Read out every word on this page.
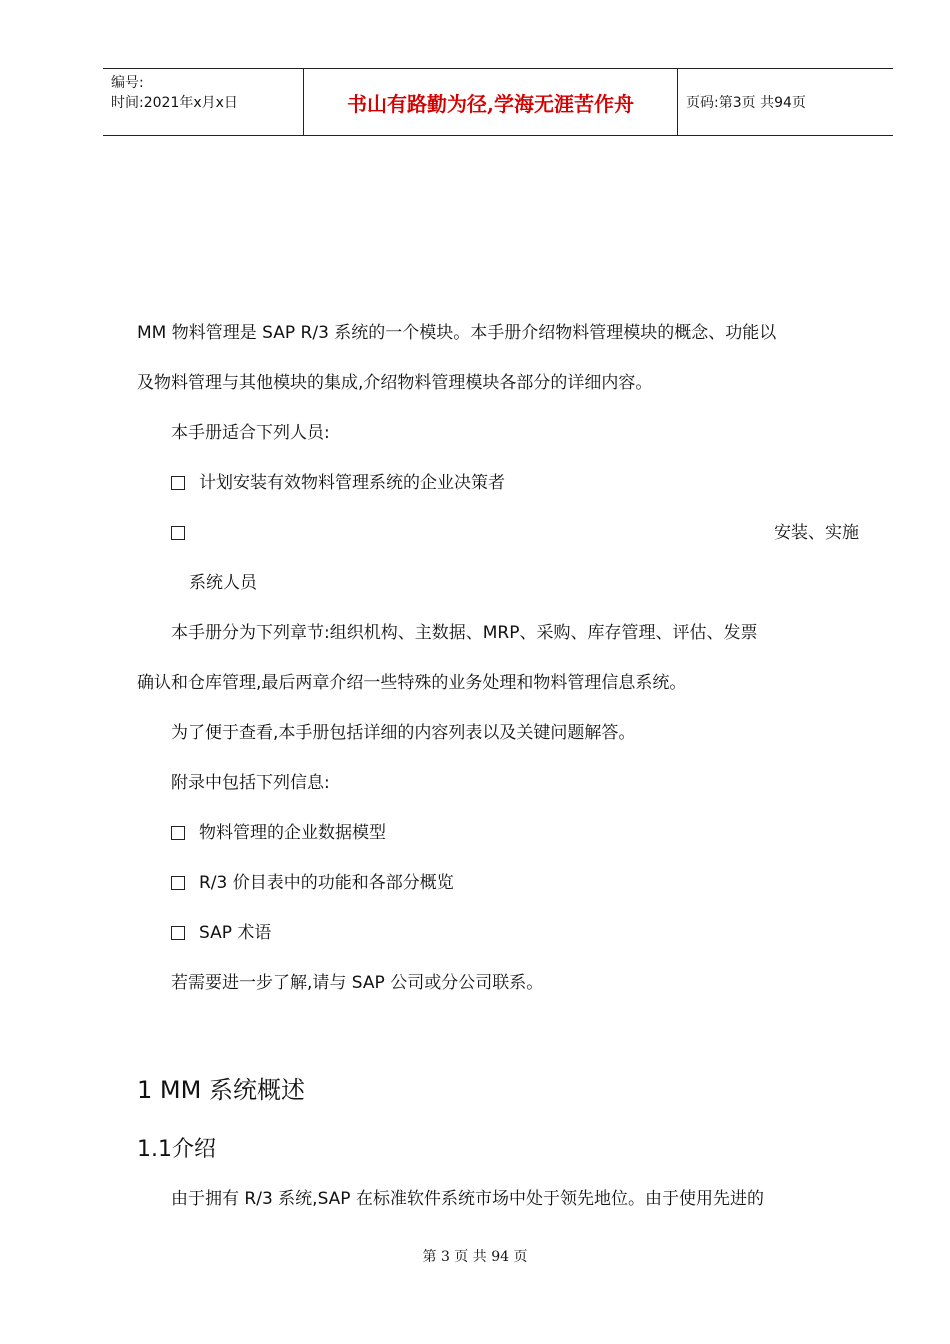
编号:
时间:2021年x月x日	书山有路勤为径,学海无涯苦作舟	页码:第3页 共94页
MM 物料管理是 SAP R/3 系统的一个模块。本手册介绍物料管理模块的概念、功能以
及物料管理与其他模块的集成,介绍物料管理模块各部分的详细内容。
本手册适合下列人员:
计划安装有效物料管理系统的企业决策者
安装、实施
系统人员
本手册分为下列章节:组织机构、主数据、MRP、采购、库存管理、评估、发票
确认和仓库管理,最后两章介绍一些特殊的业务处理和物料管理信息系统。
为了便于查看,本手册包括详细的内容列表以及关键问题解答。
附录中包括下列信息:
物料管理的企业数据模型
R/3 价目表中的功能和各部分概览
SAP 术语
若需要进一步了解,请与 SAP 公司或分公司联系。
1 MM 系统概述
1.1介绍
由于拥有 R/3 系统,SAP 在标准软件系统市场中处于领先地位。由于使用先进的
第 3 页 共 94 页
